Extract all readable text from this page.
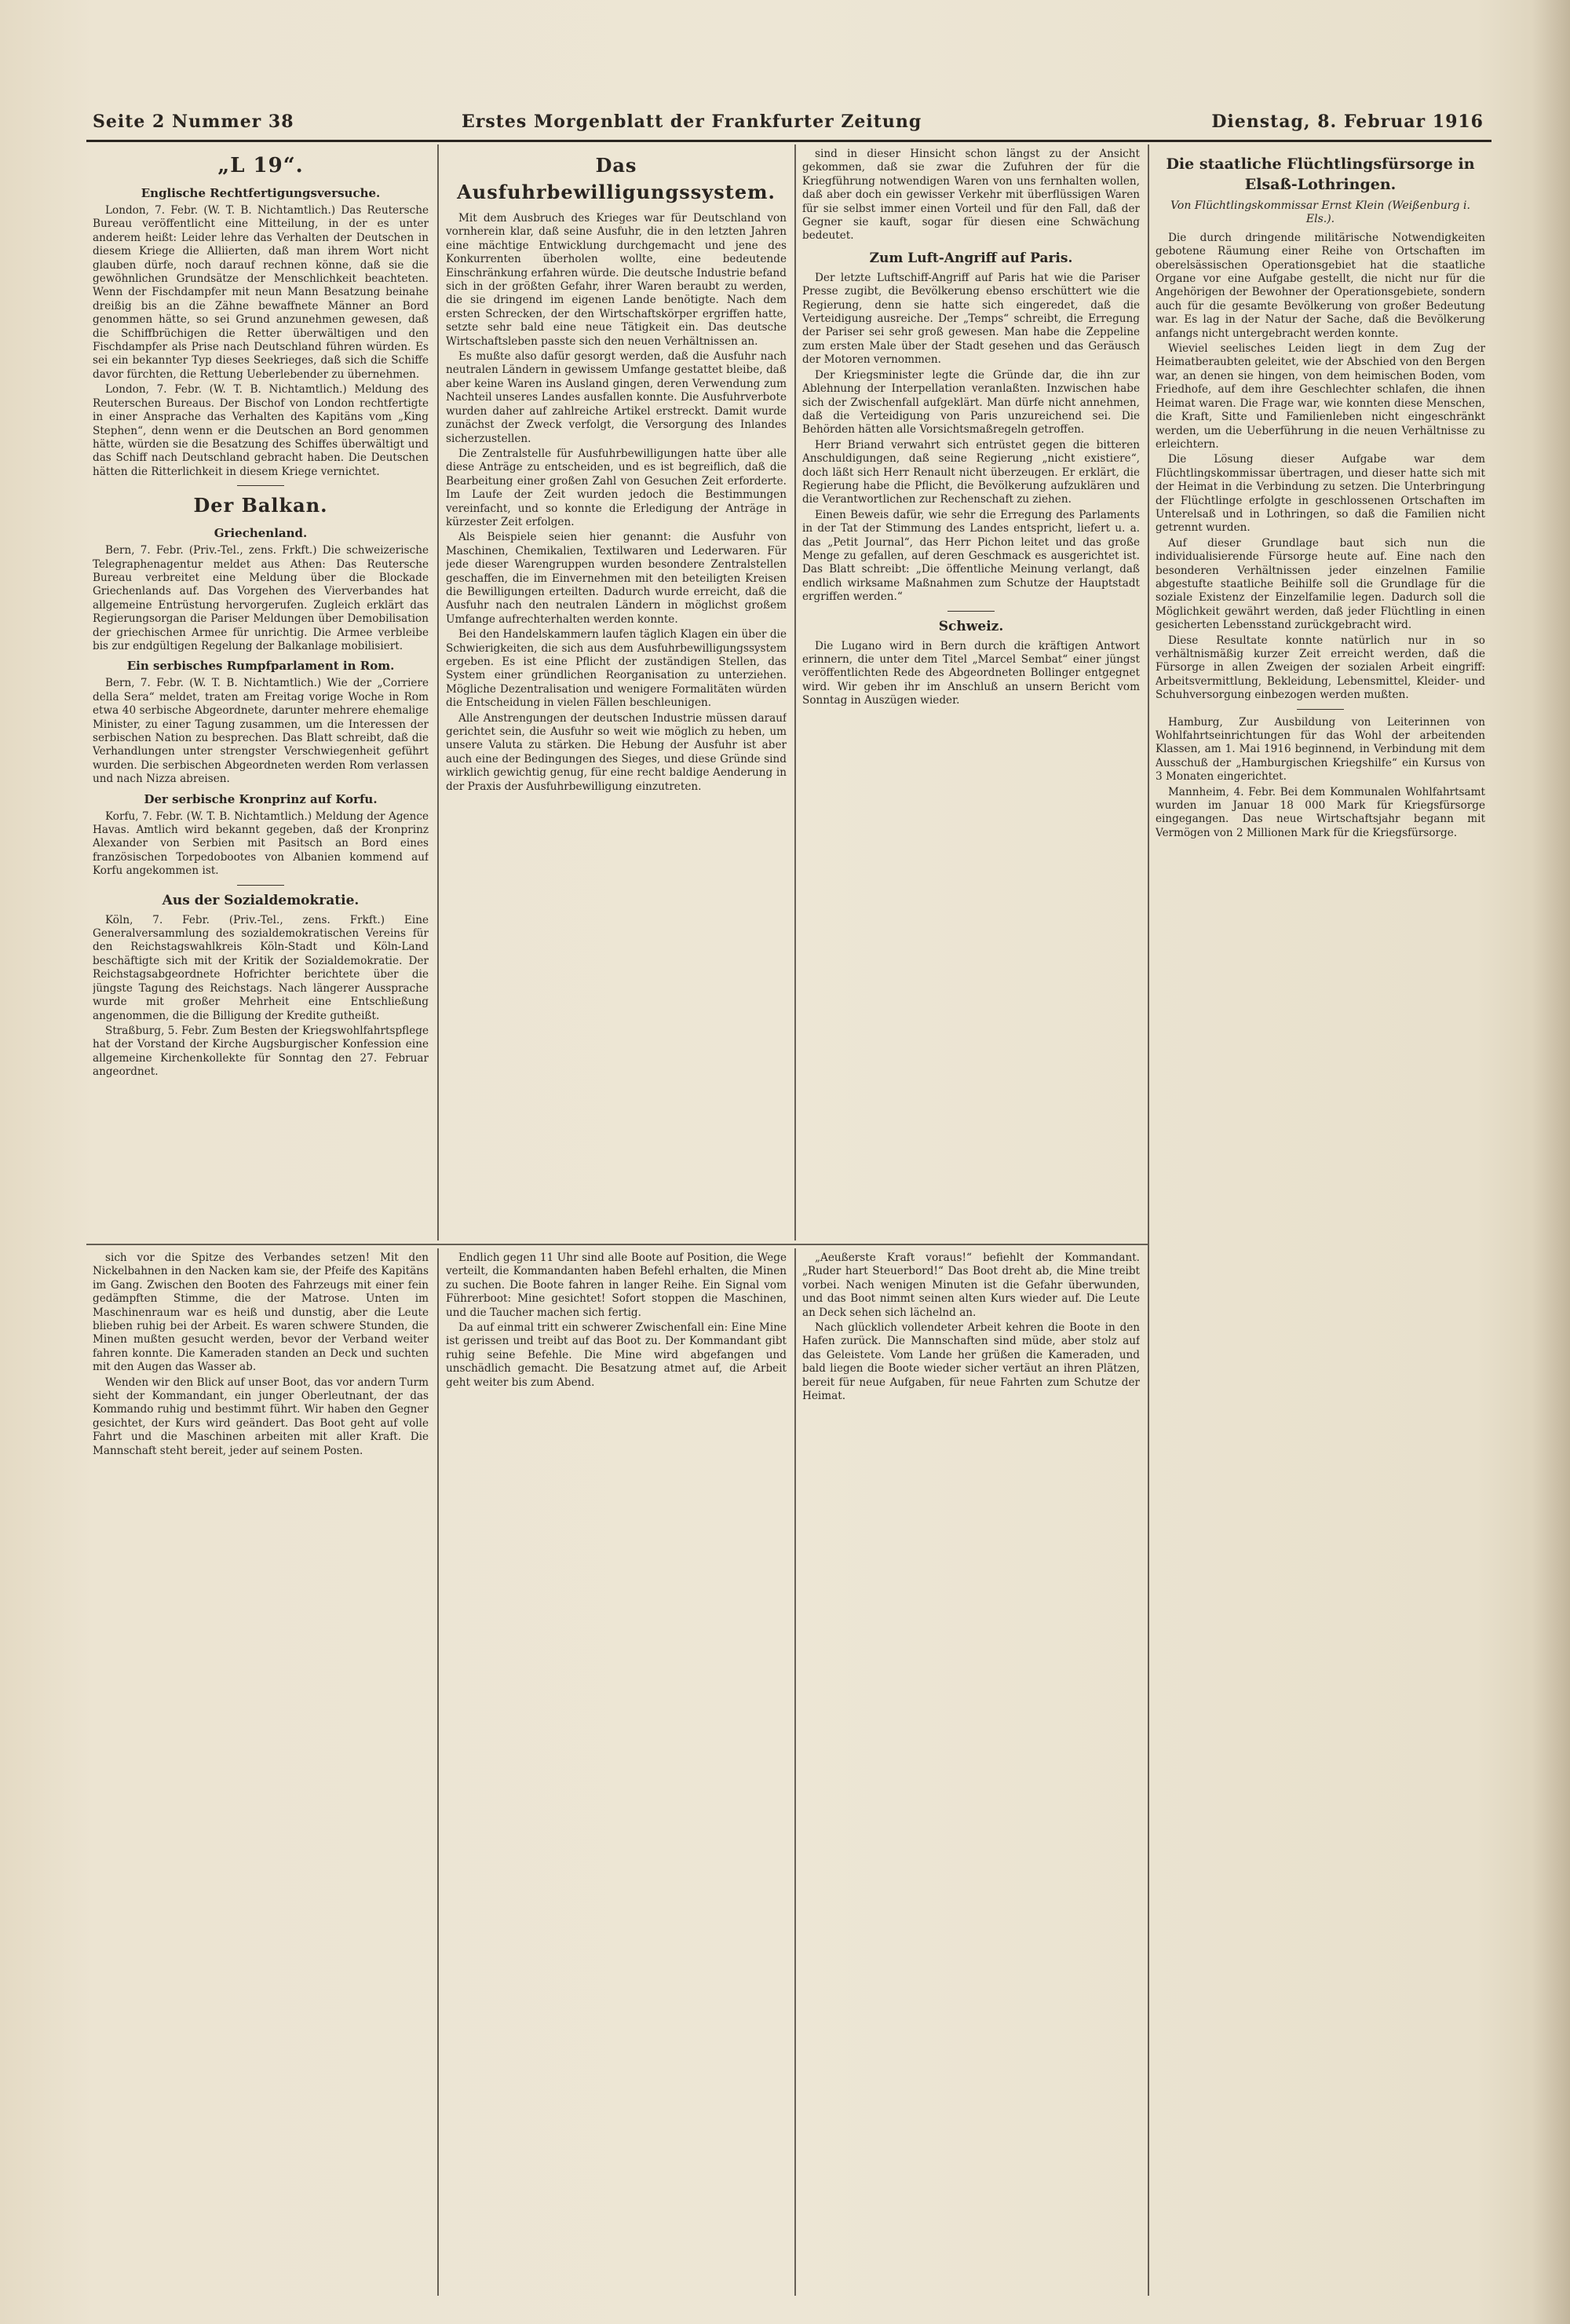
Seite 2 Nummer 38	Erstes Morgenblatt der Frankfurter Zeitung	Dienstag, 8. Februar 1916
„L 19“.
Englische Rechtfertigungsversuche.

London, 7. Febr. (W. T. B. Nichtamtlich.) Das Reutersche Bureau veröffentlicht eine Mitteilung, in der es unter anderem heißt: Leider lehre das Verhalten der Deutschen in diesem Kriege die Alliierten, daß man ihrem Wort nicht glauben dürfe, noch darauf rechnen könne, daß sie die gewöhnlichen Grundsätze der Menschlichkeit beachteten. Wenn der Fischdampfer mit neun Mann Besatzung beinahe dreißig bis an die Zähne bewaffnete Männer an Bord genommen hätte, so sei Grund anzunehmen gewesen, daß die Schiffbrüchigen die Retter überwältigen und den Fischdampfer als Prise nach Deutschland führen würden. Es sei ein bekannter Typ dieses Seekrieges, daß sich die Schiffe davor fürchten, die Rettung Ueberlebender zu übernehmen.

London, 7. Febr. (W. T. B. Nichtamtlich.) Meldung des Reuterschen Bureaus. Der Bischof von London rechtfertigte in einer Ansprache das Verhalten des Kapitäns vom „King Stephen“, denn wenn er die Deutschen an Bord genommen hätte, würden sie die Besatzung des Schiffes überwältigt und das Schiff nach Deutschland gebracht haben. Die Deutschen hätten die Ritterlichkeit in diesem Kriege vernichtet.

Der Balkan.
Griechenland.

Bern, 7. Febr. (Priv.-Tel., zens. Frkft.) Die schweizerische Telegraphenagentur meldet aus Athen: Das Reutersche Bureau verbreitet eine Meldung über die Blockade Griechenlands auf. Das Vorgehen des Vierverbandes hat allgemeine Entrüstung hervorgerufen. Zugleich erklärt das Regierungsorgan die Pariser Meldungen über Demobilisation der griechischen Armee für unrichtig. Die Armee verbleibe bis zur endgültigen Regelung der Balkanlage mobilisiert.

Ein serbisches Rumpfparlament in Rom.

Bern, 7. Febr. (W. T. B. Nichtamtlich.) Wie der „Corriere della Sera“ meldet, traten am Freitag vorige Woche in Rom etwa 40 serbische Abgeordnete, darunter mehrere ehemalige Minister, zu einer Tagung zusammen, um die Interessen der serbischen Nation zu besprechen. Das Blatt schreibt, daß die Verhandlungen unter strengster Verschwiegenheit geführt wurden. Die serbischen Abgeordneten werden Rom verlassen und nach Nizza abreisen.

Der serbische Kronprinz auf Korfu.

Korfu, 7. Febr. (W. T. B. Nichtamtlich.) Meldung der Agence Havas. Amtlich wird bekannt gegeben, daß der Kronprinz Alexander von Serbien mit Pasitsch an Bord eines französischen Torpedobootes von Albanien kommend auf Korfu angekommen ist.

Aus der Sozialdemokratie.

Köln, 7. Febr. (Priv.-Tel., zens. Frkft.) Eine Generalversammlung des sozialdemokratischen Vereins für den Reichstagswahlkreis Köln-Stadt und Köln-Land beschäftigte sich mit der Kritik der Sozialdemokratie. Der Reichstagsabgeordnete Hofrichter berichtete über die jüngste Tagung des Reichstags. Nach längerer Aussprache wurde mit großer Mehrheit eine Entschließung angenommen, die die Billigung der Kredite gutheißt.

Straßburg, 5. Febr. Zum Besten der Kriegswohlfahrtspflege hat der Vorstand der Kirche Augsburgischer Konfession eine allgemeine Kirchenkollekte für Sonntag den 27. Februar angeordnet.

Das Ausfuhrbewilligungssystem.

Mit dem Ausbruch des Krieges war für Deutschland von vornherein klar, daß seine Ausfuhr, die in den letzten Jahren eine mächtige Entwicklung durchgemacht und jene des Konkurrenten überholen wollte, eine bedeutende Einschränkung erfahren würde. Die deutsche Industrie befand sich in der größten Gefahr, ihrer Waren beraubt zu werden, die sie dringend im eigenen Lande benötigte. Nach dem ersten Schrecken, der den Wirtschaftskörper ergriffen hatte, setzte sehr bald eine neue Tätigkeit ein. Das deutsche Wirtschaftsleben passte sich den neuen Verhältnissen an.

Es mußte also dafür gesorgt werden, daß die Ausfuhr nach neutralen Ländern in gewissem Umfange gestattet bleibe, daß aber keine Waren ins Ausland gingen, deren Verwendung zum Nachteil unseres Landes ausfallen konnte. Die Ausfuhrverbote wurden daher auf zahlreiche Artikel erstreckt. Damit wurde zunächst der Zweck verfolgt, die Versorgung des Inlandes sicherzustellen.

Die Zentralstelle für Ausfuhrbewilligungen hatte über alle diese Anträge zu entscheiden, und es ist begreiflich, daß die Bearbeitung einer großen Zahl von Gesuchen Zeit erforderte. Im Laufe der Zeit wurden jedoch die Bestimmungen vereinfacht, und so konnte die Erledigung der Anträge in kürzester Zeit erfolgen.

Als Beispiele seien hier genannt: die Ausfuhr von Maschinen, Chemikalien, Textilwaren und Lederwaren. Für jede dieser Warengruppen wurden besondere Zentralstellen geschaffen, die im Einvernehmen mit den beteiligten Kreisen die Bewilligungen erteilten. Dadurch wurde erreicht, daß die Ausfuhr nach den neutralen Ländern in möglichst großem Umfange aufrechterhalten werden konnte.

Bei den Handelskammern laufen täglich Klagen ein über die Schwierigkeiten, die sich aus dem Ausfuhrbewilligungssystem ergeben. Es ist eine Pflicht der zuständigen Stellen, das System einer gründlichen Reorganisation zu unterziehen. Mögliche Dezentralisation und wenigere Formalitäten würden die Entscheidung in vielen Fällen beschleunigen.

Alle Anstrengungen der deutschen Industrie müssen darauf gerichtet sein, die Ausfuhr so weit wie möglich zu heben, um unsere Valuta zu stärken. Die Hebung der Ausfuhr ist aber auch eine der Bedingungen des Sieges, und diese Gründe sind wirklich gewichtig genug, für eine recht baldige Aenderung in der Praxis der Ausfuhrbewilligung einzutreten.

sind in dieser Hinsicht schon längst zu der Ansicht gekommen, daß sie zwar die Zufuhren der für die Kriegführung notwendigen Waren von uns fernhalten wollen, daß aber doch ein gewisser Verkehr mit überflüssigen Waren für sie selbst immer einen Vorteil und für den Fall, daß der Gegner sie kauft, sogar für diesen eine Schwächung bedeutet.

Zum Luft-Angriff auf Paris.

Der letzte Luftschiff-Angriff auf Paris hat wie die Pariser Presse zugibt, die Bevölkerung ebenso erschüttert wie die Regierung, denn sie hatte sich eingeredet, daß die Verteidigung ausreiche. Der „Temps“ schreibt, die Erregung der Pariser sei sehr groß gewesen. Man habe die Zeppeline zum ersten Male über der Stadt gesehen und das Geräusch der Motoren vernommen.

Der Kriegsminister legte die Gründe dar, die ihn zur Ablehnung der Interpellation veranlaßten. Inzwischen habe sich der Zwischenfall aufgeklärt. Man dürfe nicht annehmen, daß die Verteidigung von Paris unzureichend sei. Die Behörden hätten alle Vorsichtsmaßregeln getroffen.

Herr Briand verwahrt sich entrüstet gegen die bitteren Anschuldigungen, daß seine Regierung „nicht existiere“, doch läßt sich Herr Renault nicht überzeugen. Er erklärt, die Regierung habe die Pflicht, die Bevölkerung aufzuklären und die Verantwortlichen zur Rechenschaft zu ziehen.

Einen Beweis dafür, wie sehr die Erregung des Parlaments in der Tat der Stimmung des Landes entspricht, liefert u. a. das „Petit Journal“, das Herr Pichon leitet und das große Menge zu gefallen, auf deren Geschmack es ausgerichtet ist. Das Blatt schreibt: „Die öffentliche Meinung verlangt, daß endlich wirksame Maßnahmen zum Schutze der Hauptstadt ergriffen werden.“

Schweiz.

Die Lugano wird in Bern durch die kräftigen Antwort erinnern, die unter dem Titel „Marcel Sembat“ einer jüngst veröffentlichten Rede des Abgeordneten Bollinger entgegnet wird. Wir geben ihr im Anschluß an unsern Bericht vom Sonntag in Auszügen wieder.

Die staatliche Flüchtlingsfürsorge in Elsaß-Lothringen.
Von Flüchtlingskommissar Ernst Klein (Weißenburg i. Els.).

Die durch dringende militärische Notwendigkeiten gebotene Räumung einer Reihe von Ortschaften im oberelsässischen Operationsgebiet hat die staatliche Organe vor eine Aufgabe gestellt, die nicht nur für die Angehörigen der Bewohner der Operationsgebiete, sondern auch für die gesamte Bevölkerung von großer Bedeutung war. Es lag in der Natur der Sache, daß die Bevölkerung anfangs nicht untergebracht werden konnte.

Wieviel seelisches Leiden liegt in dem Zug der Heimatberaubten geleitet, wie der Abschied von den Bergen war, an denen sie hingen, von dem heimischen Boden, vom Friedhofe, auf dem ihre Geschlechter schlafen, die ihnen Heimat waren. Die Frage war, wie konnten diese Menschen, die Kraft, Sitte und Familienleben nicht eingeschränkt werden, um die Ueberführung in die neuen Verhältnisse zu erleichtern.

Die Lösung dieser Aufgabe war dem Flüchtlingskommissar übertragen, und dieser hatte sich mit der Heimat in die Verbindung zu setzen. Die Unterbringung der Flüchtlinge erfolgte in geschlossenen Ortschaften im Unterelsaß und in Lothringen, so daß die Familien nicht getrennt wurden.

Auf dieser Grundlage baut sich nun die individualisierende Fürsorge heute auf. Eine nach den besonderen Verhältnissen jeder einzelnen Familie abgestufte staatliche Beihilfe soll die Grundlage für die soziale Existenz der Einzelfamilie legen. Dadurch soll die Möglichkeit gewährt werden, daß jeder Flüchtling in einen gesicherten Lebensstand zurückgebracht wird.

Diese Resultate konnte natürlich nur in so verhältnismäßig kurzer Zeit erreicht werden, daß die Fürsorge in allen Zweigen der sozialen Arbeit eingriff: Arbeitsvermittlung, Bekleidung, Lebensmittel, Kleider- und Schuhversorgung einbezogen werden mußten.

Hamburg, Zur Ausbildung von Leiterinnen von Wohlfahrtseinrichtungen für das Wohl der arbeitenden Klassen, am 1. Mai 1916 beginnend, in Verbindung mit dem Ausschuß der „Hamburgischen Kriegshilfe“ ein Kursus von 3 Monaten eingerichtet.

Mannheim, 4. Febr. Bei dem Kommunalen Wohlfahrtsamt wurden im Januar 18 000 Mark für Kriegsfürsorge eingegangen. Das neue Wirtschaftsjahr begann mit Vermögen von 2 Millionen Mark für die Kriegsfürsorge.

sich vor die Spitze des Verbandes setzen! Mit den Nickelbahnen in den Nacken kam sie, der Pfeife des Kapitäns im Gang. Zwischen den Booten des Fahrzeugs mit einer fein gedämpften Stimme, die der Matrose. Unten im Maschinenraum war es heiß und dunstig, aber die Leute blieben ruhig bei der Arbeit. Es waren schwere Stunden, die Minen mußten gesucht werden, bevor der Verband weiter fahren konnte. Die Kameraden standen an Deck und suchten mit den Augen das Wasser ab.

Wenden wir den Blick auf unser Boot, das vor andern Turm sieht der Kommandant, ein junger Oberleutnant, der das Kommando ruhig und bestimmt führt. Wir haben den Gegner gesichtet, der Kurs wird geändert. Das Boot geht auf volle Fahrt und die Maschinen arbeiten mit aller Kraft. Die Mannschaft steht bereit, jeder auf seinem Posten.

Endlich gegen 11 Uhr sind alle Boote auf Position, die Wege verteilt, die Kommandanten haben Befehl erhalten, die Minen zu suchen. Die Boote fahren in langer Reihe. Ein Signal vom Führerboot: Mine gesichtet! Sofort stoppen die Maschinen, und die Taucher machen sich fertig.

Da auf einmal tritt ein schwerer Zwischenfall ein: Eine Mine ist gerissen und treibt auf das Boot zu. Der Kommandant gibt ruhig seine Befehle. Die Mine wird abgefangen und unschädlich gemacht. Die Besatzung atmet auf, die Arbeit geht weiter bis zum Abend.

„Aeußerste Kraft voraus!“ befiehlt der Kommandant. „Ruder hart Steuerbord!“ Das Boot dreht ab, die Mine treibt vorbei. Nach wenigen Minuten ist die Gefahr überwunden, und das Boot nimmt seinen alten Kurs wieder auf. Die Leute an Deck sehen sich lächelnd an.

Nach glücklich vollendeter Arbeit kehren die Boote in den Hafen zurück. Die Mannschaften sind müde, aber stolz auf das Geleistete. Vom Lande her grüßen die Kameraden, und bald liegen die Boote wieder sicher vertäut an ihren Plätzen, bereit für neue Aufgaben, für neue Fahrten zum Schutze der Heimat.
